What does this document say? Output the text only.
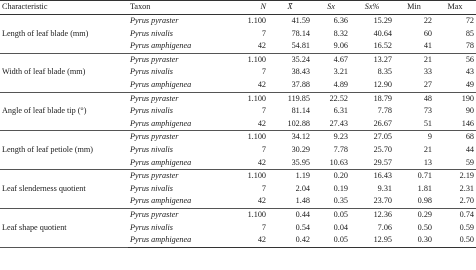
Characteristic	Taxon	N	X̄	Sx	Sx%	Min	Max
Length of leaf blade (mm)	Pyrus pyraster	1.100	41.59	6.36	15.29	22	72
	Pyrus nivalis	7	78.14	8.32	40.64	60	85
	Pyrus amphigenea	42	54.81	9.06	16.52	41	78
Width of leaf blade (mm)	Pyrus pyraster	1.100	35.24	4.67	13.27	21	56
	Pyrus nivalis	7	38.43	3.21	8.35	33	43
	Pyrus amphigenea	42	37.88	4.89	12.90	27	49
Angle of leaf blade tip (°)	Pyrus pyraster	1.100	119.85	22.52	18.79	48	190
	Pyrus nivalis	7	81.14	6.31	7.78	73	90
	Pyrus amphigenea	42	102.88	27.43	26.67	51	146
Length of leaf petiole (mm)	Pyrus pyraster	1.100	34.12	9.23	27.05	9	68
	Pyrus nivalis	7	30.29	7.78	25.70	21	44
	Pyrus amphigenea	42	35.95	10.63	29.57	13	59
Leaf slenderness quotient	Pyrus pyraster	1.100	1.19	0.20	16.43	0.71	2.19
	Pyrus nivalis	7	2.04	0.19	9.31	1.81	2.31
	Pyrus amphigenea	42	1.48	0.35	23.70	0.98	2.70
Leaf shape quotient	Pyrus pyraster	1.100	0.44	0.05	12.36	0.29	0.74
	Pyrus nivalis	7	0.54	0.04	7.06	0.50	0.59
	Pyrus amphigenea	42	0.42	0.05	12.95	0.30	0.50
